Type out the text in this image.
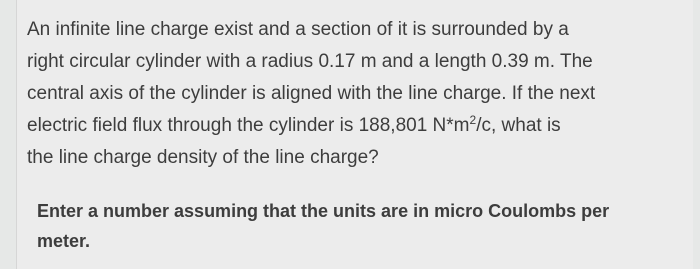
An infinite line charge exist and a section of it is surrounded by a
right circular cylinder with a radius 0.17 m and a length 0.39 m. The
central axis of the cylinder is aligned with the line charge. If the next
electric field flux through the cylinder is 188,801 $N*m^2/c$, what is
the line charge density of the line charge?

Enter a number assuming that the units are in micro Coulombs per
meter.
